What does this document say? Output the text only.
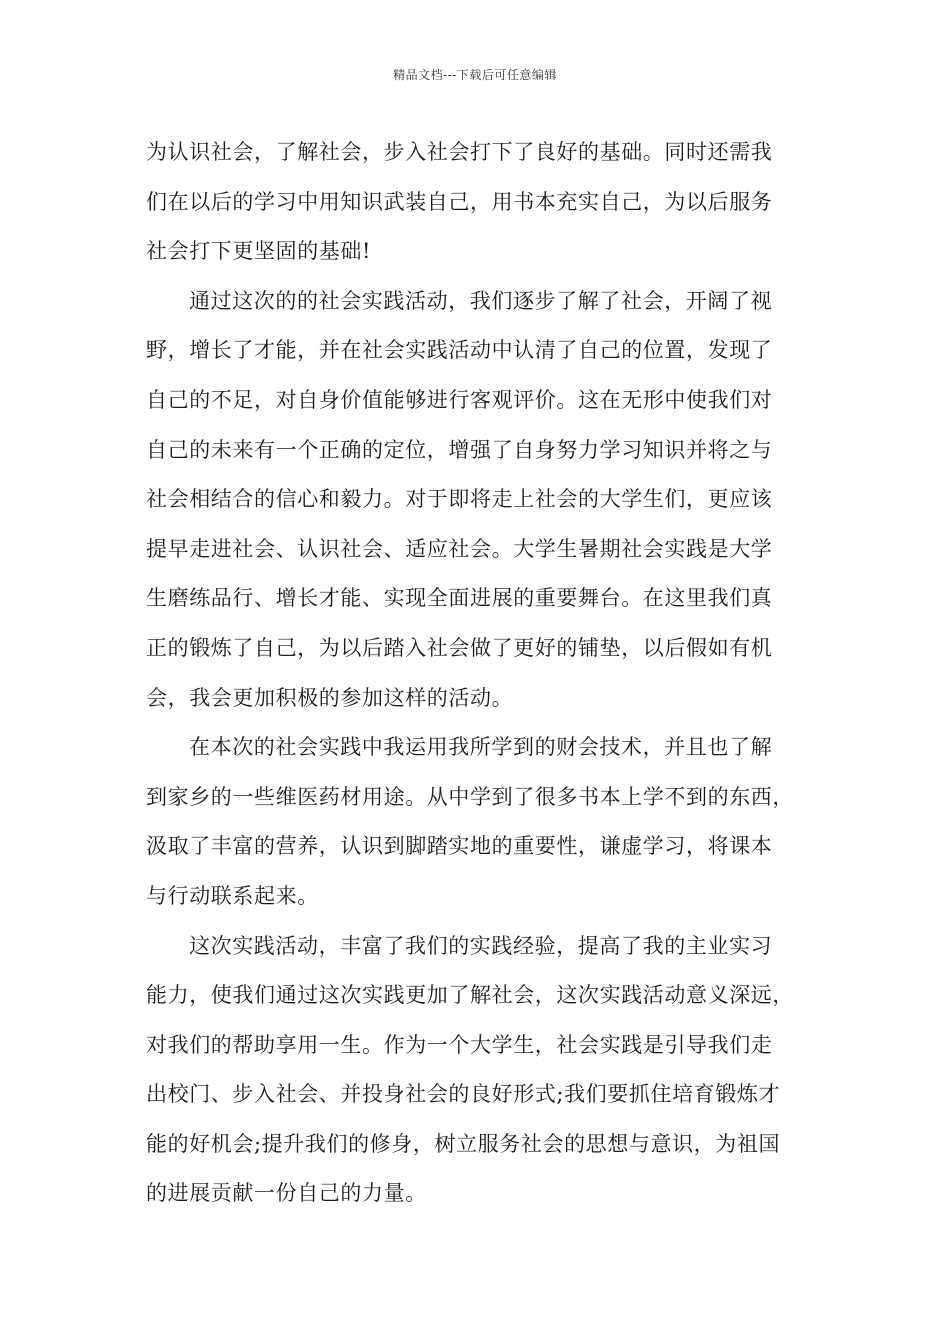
精品文档---下载后可任意编辑
为认识社会，了解社会，步入社会打下了良好的基础。同时还需我
们在以后的学习中用知识武装自己，用书本充实自己，为以后服务
社会打下更坚固的基础!
通过这次的的社会实践活动，我们逐步了解了社会，开阔了视
野，增长了才能，并在社会实践活动中认清了自己的位置，发现了
自己的不足，对自身价值能够进行客观评价。这在无形中使我们对
自己的未来有一个正确的定位，增强了自身努力学习知识并将之与
社会相结合的信心和毅力。对于即将走上社会的大学生们，更应该
提早走进社会、认识社会、适应社会。大学生暑期社会实践是大学
生磨练品行、增长才能、实现全面进展的重要舞台。在这里我们真
正的锻炼了自己，为以后踏入社会做了更好的铺垫，以后假如有机
会，我会更加积极的参加这样的活动。
在本次的社会实践中我运用我所学到的财会技术，并且也了解
到家乡的一些维医药材用途。从中学到了很多书本上学不到的东西，
汲取了丰富的营养，认识到脚踏实地的重要性，谦虚学习，将课本
与行动联系起来。
这次实践活动，丰富了我们的实践经验，提高了我的主业实习
能力，使我们通过这次实践更加了解社会，这次实践活动意义深远，
对我们的帮助享用一生。作为一个大学生，社会实践是引导我们走
出校门、步入社会、并投身社会的良好形式;我们要抓住培育锻炼才
能的好机会;提升我们的修身，树立服务社会的思想与意识，为祖国
的进展贡献一份自己的力量。
